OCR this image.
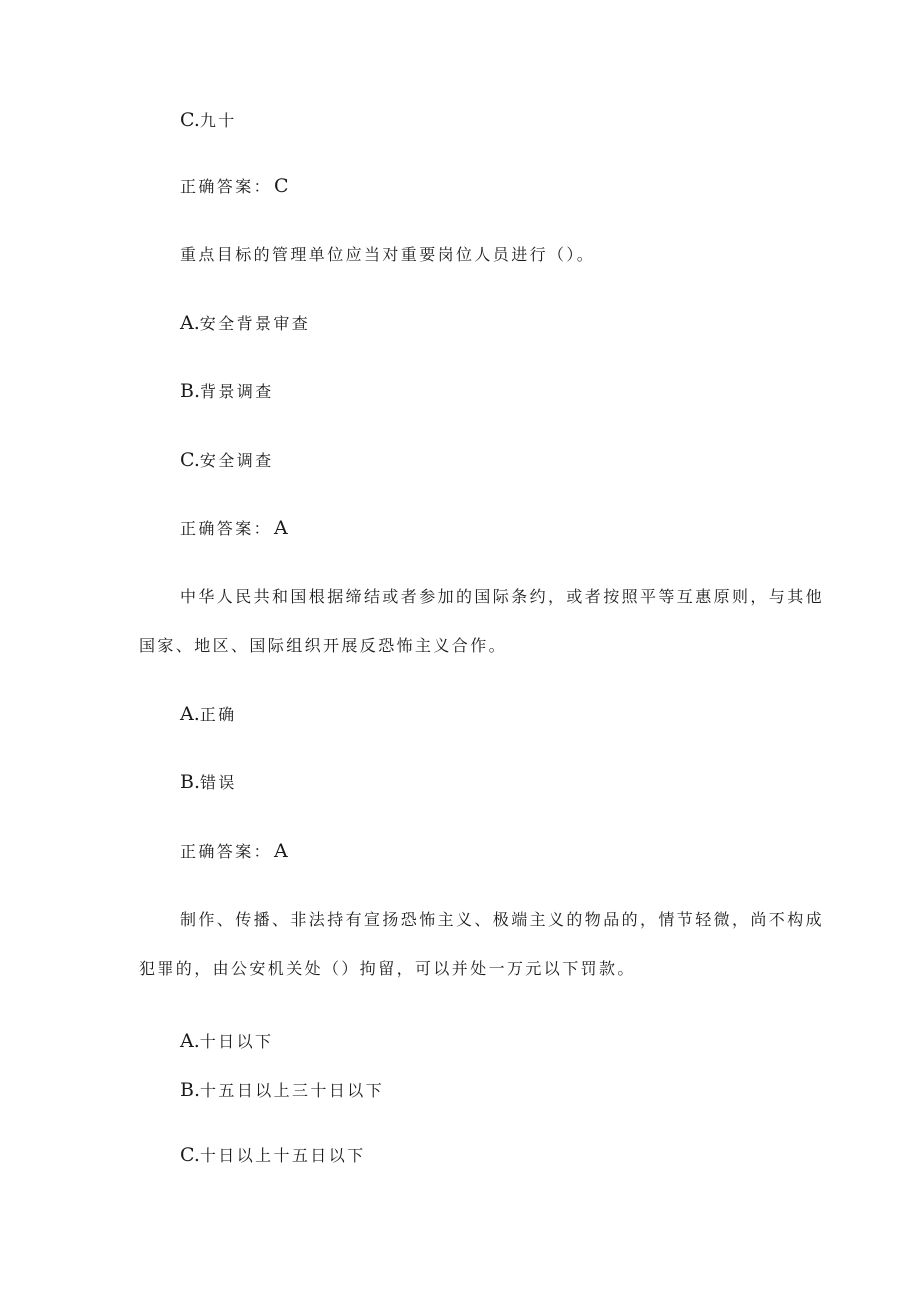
C.九十
正确答案： C
重点目标的管理单位应当对重要岗位人员进行（）。
A.安全背景审查
B.背景调查
C.安全调查
正确答案： A
中华人民共和国根据缔结或者参加的国际条约，或者按照平等互惠原则，与其他
国家、地区、国际组织开展反恐怖主义合作。
A.正确
B.错误
正确答案： A
制作、传播、非法持有宣扬恐怖主义、极端主义的物品的，情节轻微，尚不构成
犯罪的，由公安机关处（）拘留，可以并处一万元以下罚款。
A.十日以下
B.十五日以上三十日以下
C.十日以上十五日以下
